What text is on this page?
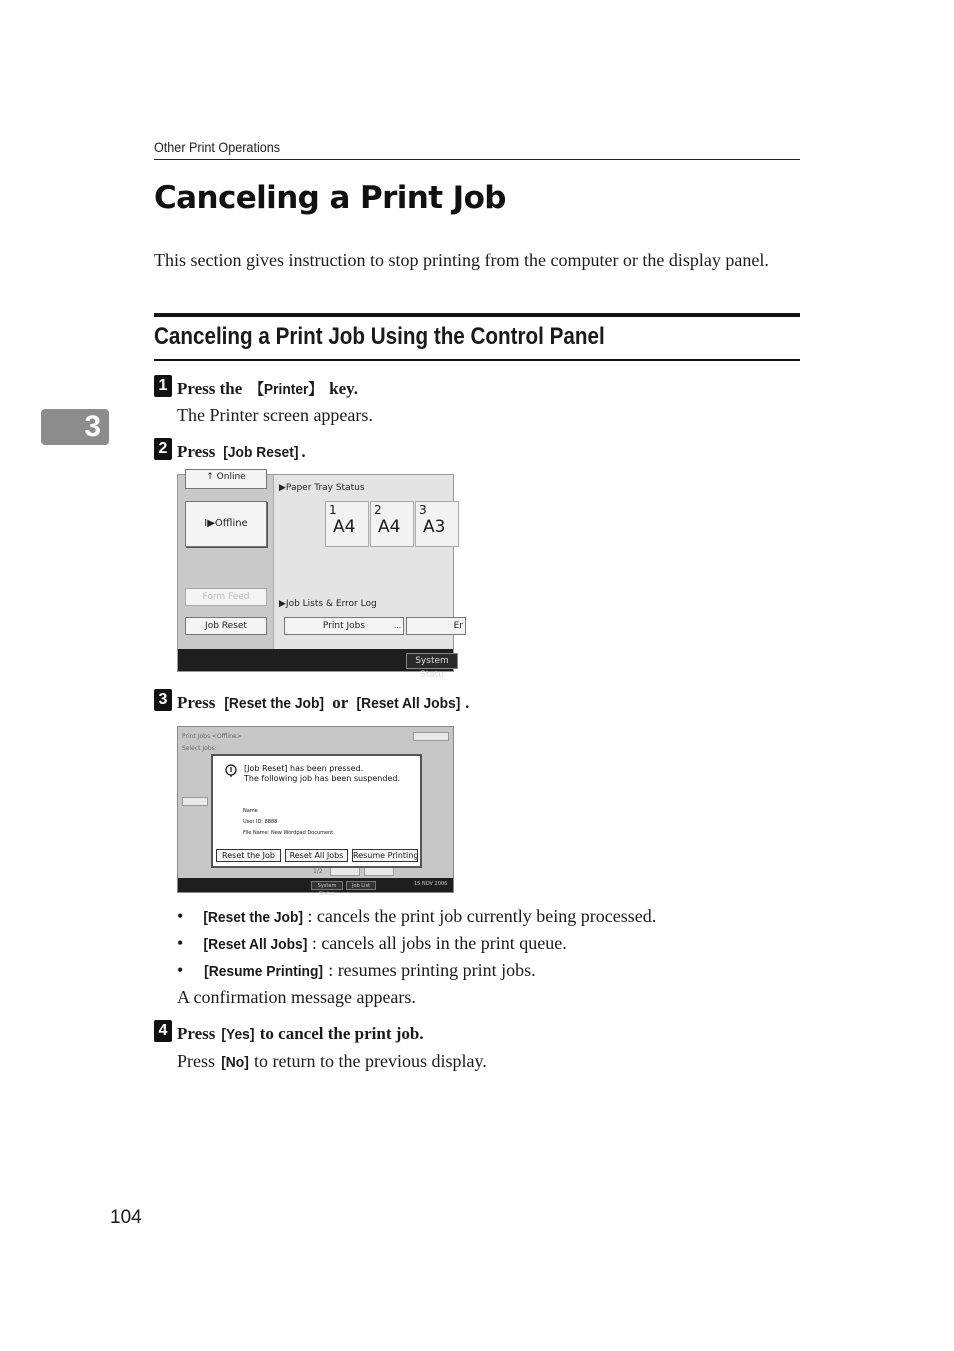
Other Print Operations
Canceling a Print Job
This section gives instruction to stop printing from the computer or the display panel.
Canceling a Print Job Using the Control Panel
3
1 Press the 【Printer】 key.
The Printer screen appears.
2 Press [Job Reset] .
↑ Online
I▶Offline
Form Feed
Job Reset
▶Paper Tray Status
1
A4
2
A4
3
A3
▶Job Lists & Error Log
Print Jobs	...	Er
System Statu
3 Press [Reset the Job] or [Reset All Jobs] .
Print Jobs <Offline>
Select Jobs:
1/2
System Status
Job List	15 NOV 2006
[Job Reset] has been pressed.
The following job has been suspended.
Name
User ID: 8888
File Name: New Wordpad Document
Reset the Job	Reset All Jobs	Resume Printing
• [Reset the Job] : cancels the print job currently being processed.
• [Reset All Jobs] : cancels all jobs in the print queue.
• [Resume Printing] : resumes printing print jobs.
A confirmation message appears.
4 Press [Yes] to cancel the print job.
Press [No] to return to the previous display.
104
